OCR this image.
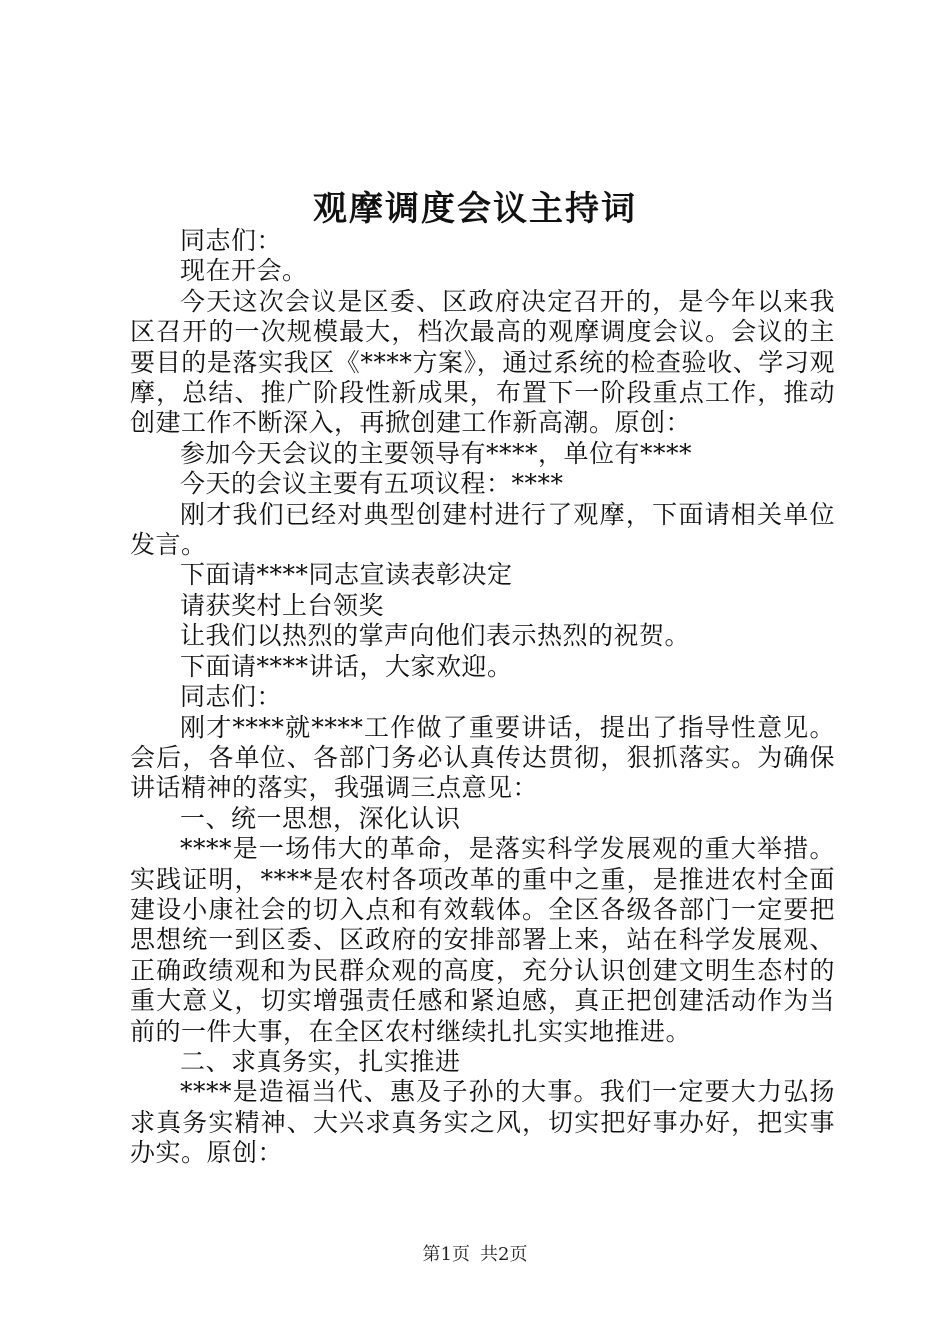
观摩调度会议主持词

同志们：

现在开会。

今天这次会议是区委、区政府决定召开的，是今年以来我区召开的一次规模最大，档次最高的观摩调度会议。会议的主要目的是落实我区《****方案》，通过系统的检查验收、学习观摩，总结、推广阶段性新成果，布置下一阶段重点工作，推动创建工作不断深入，再掀创建工作新高潮。原创：

参加今天会议的主要领导有****，单位有****

今天的会议主要有五项议程：****

刚才我们已经对典型创建村进行了观摩，下面请相关单位发言。

下面请****同志宣读表彰决定

请获奖村上台领奖

让我们以热烈的掌声向他们表示热烈的祝贺。

下面请****讲话，大家欢迎。

同志们：

刚才****就****工作做了重要讲话，提出了指导性意见。会后，各单位、各部门务必认真传达贯彻，狠抓落实。为确保讲话精神的落实，我强调三点意见：

一、统一思想，深化认识

****是一场伟大的革命，是落实科学发展观的重大举措。实践证明，****是农村各项改革的重中之重，是推进农村全面建设小康社会的切入点和有效载体。全区各级各部门一定要把思想统一到区委、区政府的安排部署上来，站在科学发展观、正确政绩观和为民群众观的高度，充分认识创建文明生态村的重大意义，切实增强责任感和紧迫感，真正把创建活动作为当前的一件大事，在全区农村继续扎扎实实地推进。

二、求真务实，扎实推进

****是造福当代、惠及子孙的大事。我们一定要大力弘扬求真务实精神、大兴求真务实之风，切实把好事办好，把实事办实。原创：

第1页 共2页
